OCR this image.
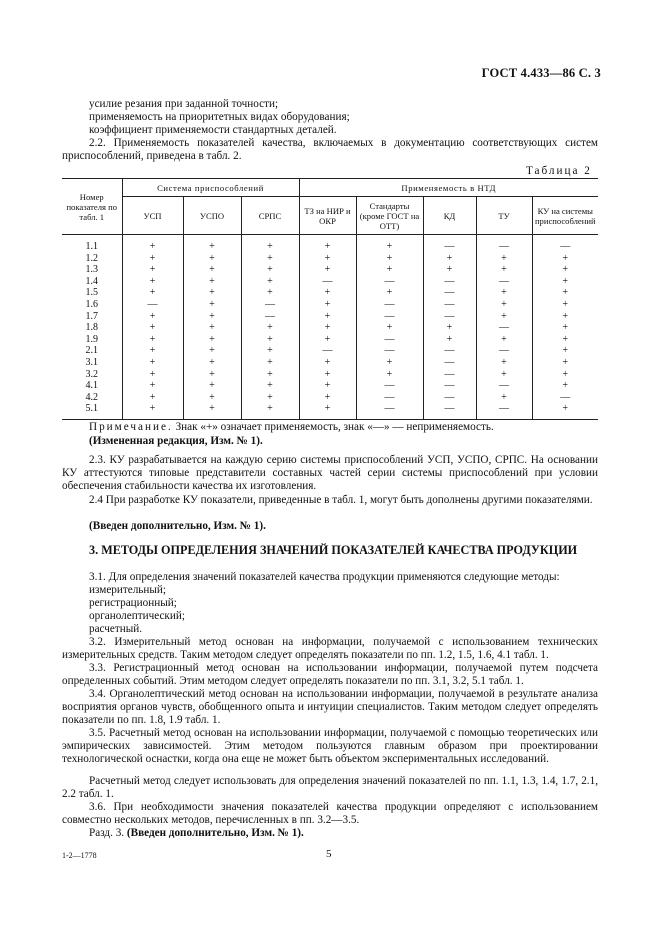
ГОСТ 4.433—86 С. 3
усилие резания при заданной точности;
применяемость на приоритетных видах оборудования;
коэффициент применяемости стандартных деталей.
2.2. Применяемость показателей качества, включаемых в документацию соответствующих систем приспособлений, приведена в табл. 2.
Таблица 2
Номер показателя по табл. 1	Система приспособлений			Применяемость в НТД				
	УСП	УСПО	СРПС	ТЗ на НИР и ОКР	Стандарты (кроме ГОСТ на ОТТ)	КД	ТУ	КУ на системы приспособлений

1.1	+	+	+	+	+	—	—	—
1.2	+	+	+	+	+	+	+	+
1.3	+	+	+	+	+	+	+	+
1.4	+	+	+	—	—	—	—	+
1.5	+	+	+	+	+	—	+	+
1.6	—	+	—	+	—	—	+	+
1.7	+	+	—	+	—	—	+	+
1.8	+	+	+	+	+	+	—	+
1.9	+	+	+	+	—	+	+	+
2.1	+	+	+	—	—	—	—	+
3.1	+	+	+	+	+	—	+	+
3.2	+	+	+	+	+	—	+	+
4.1	+	+	+	+	—	—	—	+
4.2	+	+	+	+	—	—	+	—
5.1	+	+	+	+	—	—	—	+

Примечание. Знак «+» означает применяемость, знак «—» — неприменяемость.
(Измененная редакция, Изм. № 1).
2.3. КУ разрабатывается на каждую серию системы приспособлений УСП, УСПО, СРПС. На основании КУ аттестуются типовые представители составных частей серии системы приспособлений при условии обеспечения стабильности качества их изготовления.
2.4 При разработке КУ показатели, приведенные в табл. 1, могут быть дополнены другими показателями.
(Введен дополнительно, Изм. № 1).
3. МЕТОДЫ ОПРЕДЕЛЕНИЯ ЗНАЧЕНИЙ ПОКАЗАТЕЛЕЙ КАЧЕСТВА ПРОДУКЦИИ
3.1. Для определения значений показателей качества продукции применяются следующие методы:
измерительный;
регистрационный;
органолептический;
расчетный.
3.2. Измерительный метод основан на информации, получаемой с использованием технических измерительных средств. Таким методом следует определять показатели по пп. 1.2, 1.5, 1.6, 4.1 табл. 1.
3.3. Регистрационный метод основан на использовании информации, получаемой путем подсчета определенных событий. Этим методом следует определять показатели по пп. 3.1, 3.2, 5.1 табл. 1.
3.4. Органолептический метод основан на использовании информации, получаемой в результате анализа восприятия органов чувств, обобщенного опыта и интуиции специалистов. Таким методом следует определять показатели по пп. 1.8, 1.9 табл. 1.
3.5. Расчетный метод основан на использовании информации, получаемой с помощью теоретических или эмпирических зависимостей. Этим методом пользуются главным образом при проектировании технологической оснастки, когда она еще не может быть объектом экспериментальных исследований.
Расчетный метод следует использовать для определения значений показателей по пп. 1.1, 1.3, 1.4, 1.7, 2.1, 2.2 табл. 1.
3.6. При необходимости значения показателей качества продукции определяют с использованием совместно нескольких методов, перечисленных в пп. 3.2—3.5.
Разд. 3. (Введен дополнительно, Изм. № 1).
1-2—1778	5
